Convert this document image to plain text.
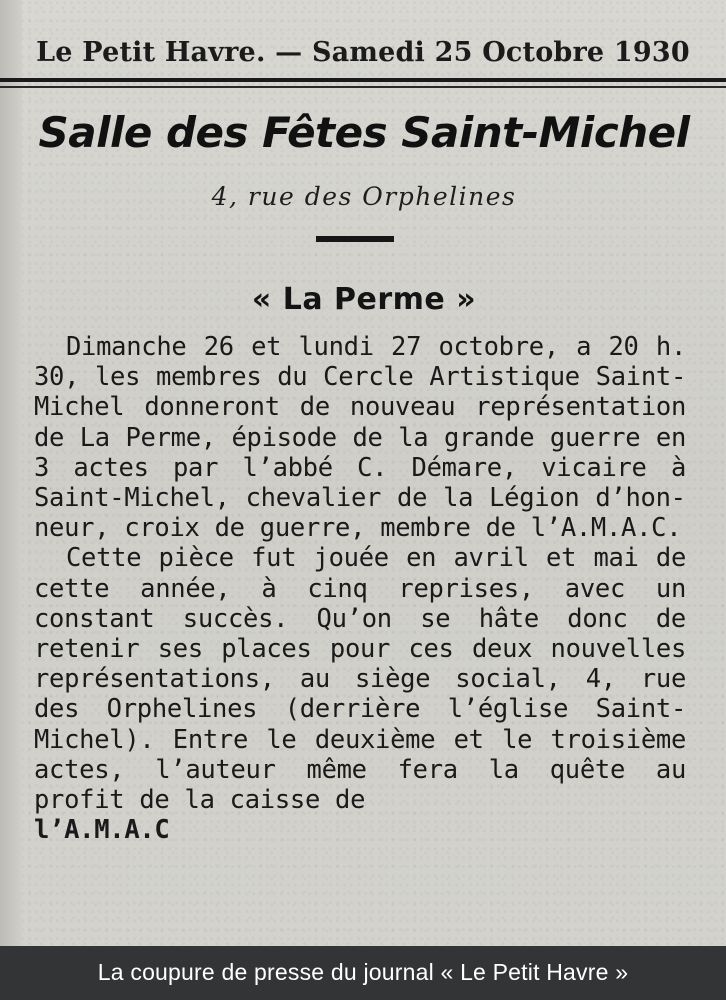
Le Petit Havre. — Samedi 25 Octobre 1930
Salle des Fêtes Saint-Michel
4, rue des Orphelines
« La Perme »

Dimanche 26 et lundi 27 octobre, a 20 h. 30, les membres du Cercle Artistique Saint-Michel donneront de nouveau représentation de La Perme, épisode de la grande guerre en 3 actes par l’abbé C. Démare, vicaire à Saint-Michel, chevalier de la Légion d’honneur, croix de guerre, membre de l’A.M.A.C.

Cette pièce fut jouée en avril et mai de cette année, à cinq reprises, avec un constant succès. Qu’on se hâte donc de retenir ses places pour ces deux nouvelles représentations, au siège social, 4, rue des Orphelines (derrière l’église Saint-Michel). Entre le deuxième et le troisième actes, l’auteur même fera la quête au profit de la caisse de

l’A.M.A.C

La coupure de presse du journal « Le Petit Havre »
